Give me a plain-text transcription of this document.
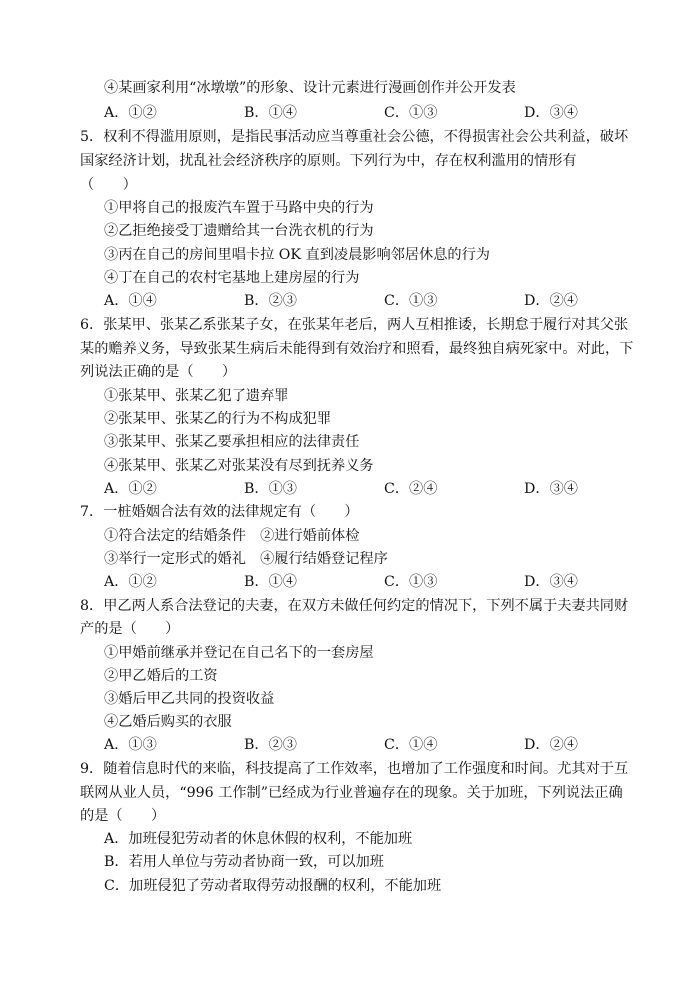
④某画家利用“冰墩墩”的形象、设计元素进行漫画创作并公开发表
A．①②	B．①④	C．①③	D．③④
5．权利不得滥用原则，是指民事活动应当尊重社会公德，不得损害社会公共利益，破坏
国家经济计划，扰乱社会经济秩序的原则。下列行为中，存在权利滥用的情形有
（　　）
①甲将自己的报废汽车置于马路中央的行为
②乙拒绝接受丁遗赠给其一台洗衣机的行为
③丙在自己的房间里唱卡拉 OK 直到凌晨影响邻居休息的行为
④丁在自己的农村宅基地上建房屋的行为
A．①④	B．②③	C．①③	D．②④
6．张某甲、张某乙系张某子女，在张某年老后，两人互相推诿，长期怠于履行对其父张
某的赡养义务，导致张某生病后未能得到有效治疗和照看，最终独自病死家中。对此，下
列说法正确的是（　　）
①张某甲、张某乙犯了遗弃罪
②张某甲、张某乙的行为不构成犯罪
③张某甲、张某乙要承担相应的法律责任
④张某甲、张某乙对张某没有尽到抚养义务
A．①②	B．①③	C．②④	D．③④
7．一桩婚姻合法有效的法律规定有（　　）
①符合法定的结婚条件　②进行婚前体检
③举行一定形式的婚礼　④履行结婚登记程序
A．①②	B．①④	C．①③	D．③④
8．甲乙两人系合法登记的夫妻，在双方未做任何约定的情况下，下列不属于夫妻共同财
产的是（　　）
①甲婚前继承并登记在自己名下的一套房屋
②甲乙婚后的工资
③婚后甲乙共同的投资收益
④乙婚后购买的衣服
A．①③	B．②③	C．①④	D．②④
9．随着信息时代的来临，科技提高了工作效率，也增加了工作强度和时间。尤其对于互
联网从业人员，“996 工作制”已经成为行业普遍存在的现象。关于加班，下列说法正确
的是（　　）
A．加班侵犯劳动者的休息休假的权利，不能加班
B．若用人单位与劳动者协商一致，可以加班
C．加班侵犯了劳动者取得劳动报酬的权利，不能加班
